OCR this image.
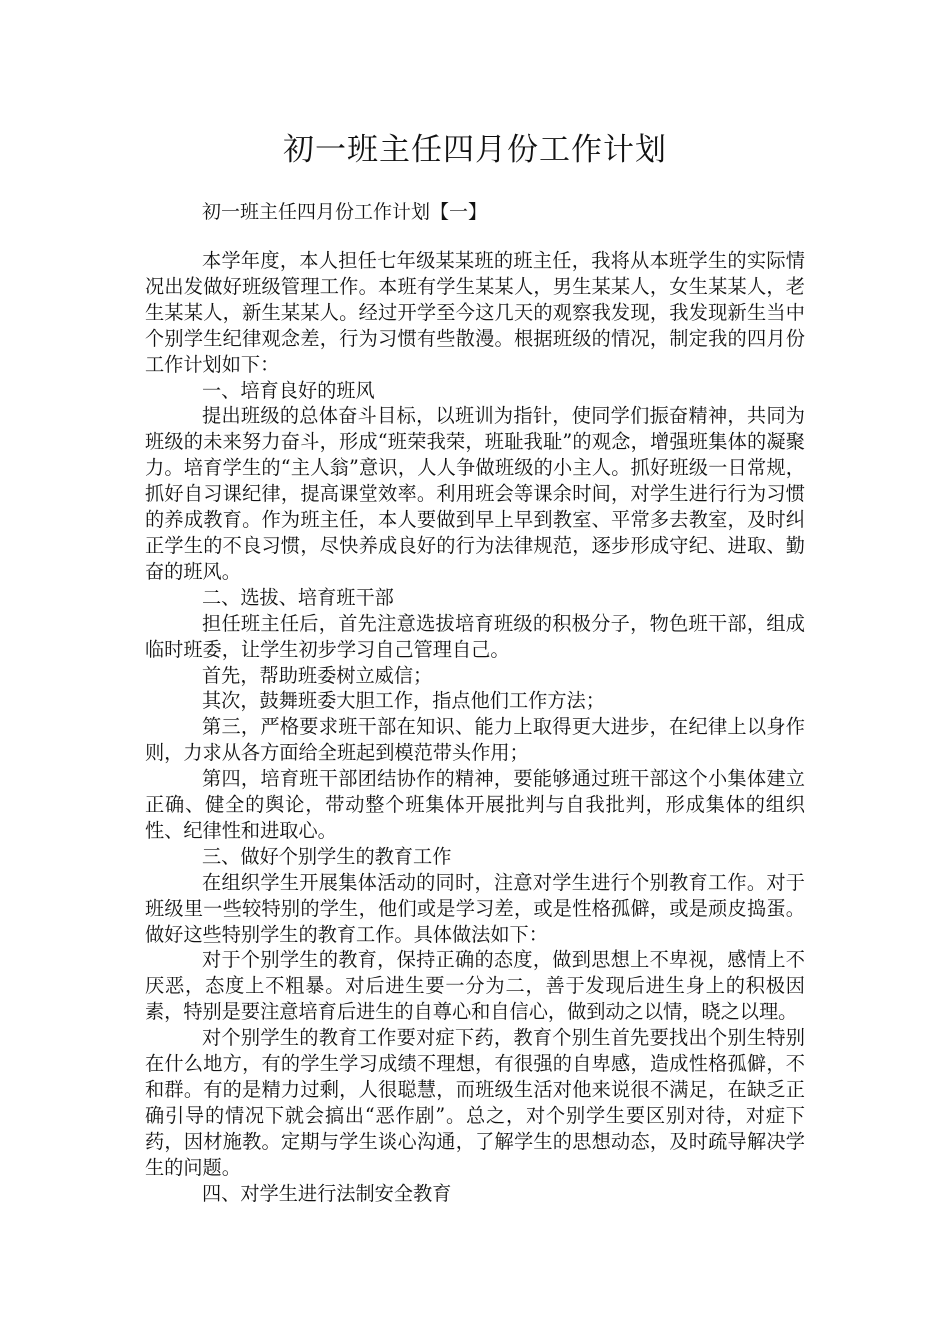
初一班主任四月份工作计划

初一班主任四月份工作计划【一】

本学年度，本人担任七年级某某班的班主任，我将从本班学生的实际情况出发做好班级管理工作。本班有学生某某人，男生某某人，女生某某人，老生某某人，新生某某人。经过开学至今这几天的观察我发现，我发现新生当中个别学生纪律观念差，行为习惯有些散漫。根据班级的情况，制定我的四月份工作计划如下：

一、培育良好的班风

提出班级的总体奋斗目标，以班训为指针，使同学们振奋精神，共同为班级的未来努力奋斗，形成“班荣我荣，班耻我耻”的观念，增强班集体的凝聚力。培育学生的“主人翁”意识，人人争做班级的小主人。抓好班级一日常规，抓好自习课纪律，提高课堂效率。利用班会等课余时间，对学生进行行为习惯的养成教育。作为班主任，本人要做到早上早到教室、平常多去教室，及时纠正学生的不良习惯，尽快养成良好的行为法律规范，逐步形成守纪、进取、勤奋的班风。

二、选拔、培育班干部

担任班主任后，首先注意选拔培育班级的积极分子，物色班干部，组成临时班委，让学生初步学习自己管理自己。

首先，帮助班委树立威信；

其次，鼓舞班委大胆工作，指点他们工作方法；

第三，严格要求班干部在知识、能力上取得更大进步，在纪律上以身作则，力求从各方面给全班起到模范带头作用；

第四，培育班干部团结协作的精神，要能够通过班干部这个小集体建立正确、健全的舆论，带动整个班集体开展批判与自我批判，形成集体的组织性、纪律性和进取心。

三、做好个别学生的教育工作

在组织学生开展集体活动的同时，注意对学生进行个别教育工作。对于班级里一些较特别的学生，他们或是学习差，或是性格孤僻，或是顽皮捣蛋。做好这些特别学生的教育工作。具体做法如下：

对于个别学生的教育，保持正确的态度，做到思想上不卑视，感情上不厌恶，态度上不粗暴。对后进生要一分为二，善于发现后进生身上的积极因素，特别是要注意培育后进生的自尊心和自信心，做到动之以情，晓之以理。

对个别学生的教育工作要对症下药，教育个别生首先要找出个别生特别在什么地方，有的学生学习成绩不理想，有很强的自卑感，造成性格孤僻，不和群。有的是精力过剩，人很聪慧，而班级生活对他来说很不满足，在缺乏正确引导的情况下就会搞出“恶作剧”。总之，对个别学生要区别对待，对症下药，因材施教。定期与学生谈心沟通，了解学生的思想动态，及时疏导解决学生的问题。

四、对学生进行法制安全教育
